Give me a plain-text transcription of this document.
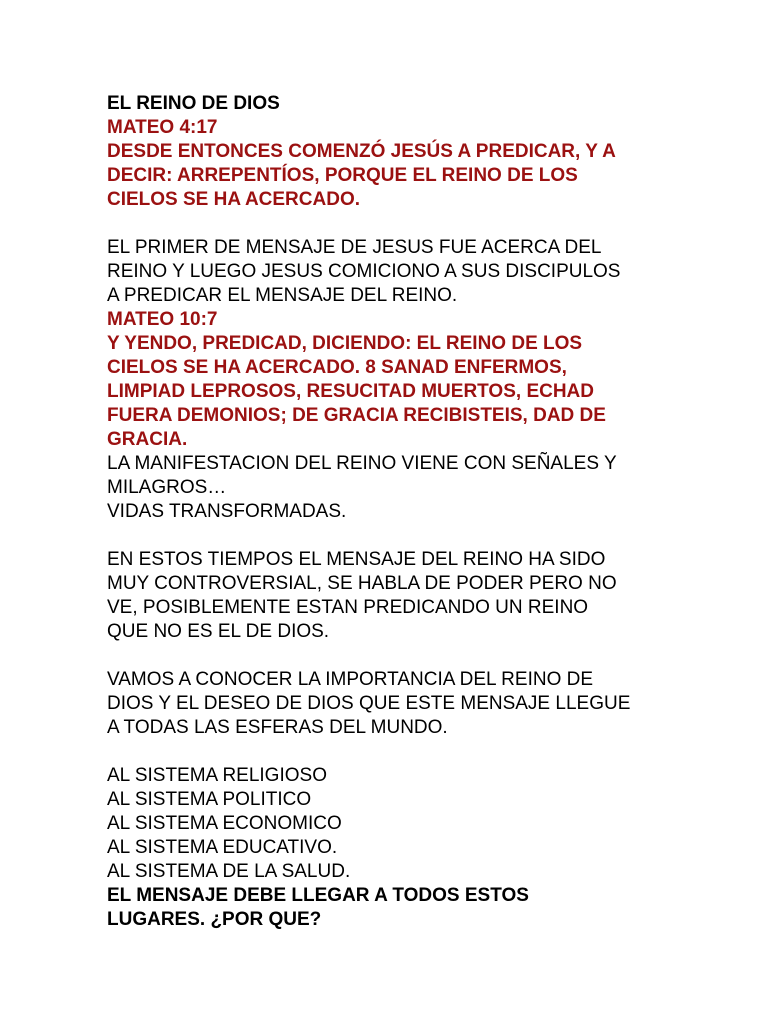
EL REINO DE DIOS
MATEO 4:17
DESDE ENTONCES COMENZÓ JESÚS A PREDICAR, Y A
DECIR: ARREPENTÍOS, PORQUE EL REINO DE LOS
CIELOS SE HA ACERCADO.
EL PRIMER DE MENSAJE DE JESUS FUE ACERCA DEL
REINO Y LUEGO JESUS COMICIONO A SUS DISCIPULOS
A PREDICAR EL MENSAJE DEL REINO.
MATEO 10:7
Y YENDO, PREDICAD, DICIENDO: EL REINO DE LOS
CIELOS SE HA ACERCADO. 8 SANAD ENFERMOS,
LIMPIAD LEPROSOS, RESUCITAD MUERTOS, ECHAD
FUERA DEMONIOS; DE GRACIA RECIBISTEIS, DAD DE
GRACIA.
LA MANIFESTACION DEL REINO VIENE CON SEÑALES Y
MILAGROS…
VIDAS TRANSFORMADAS.
EN ESTOS TIEMPOS EL MENSAJE DEL REINO HA SIDO
MUY CONTROVERSIAL, SE HABLA DE PODER PERO NO
VE, POSIBLEMENTE ESTAN PREDICANDO UN REINO
QUE NO ES EL DE DIOS.
VAMOS A CONOCER LA IMPORTANCIA DEL REINO DE
DIOS Y EL DESEO DE DIOS QUE ESTE MENSAJE LLEGUE
A TODAS LAS ESFERAS DEL MUNDO.
AL SISTEMA RELIGIOSO
AL SISTEMA POLITICO
AL SISTEMA ECONOMICO
AL SISTEMA EDUCATIVO.
AL SISTEMA DE LA SALUD.
EL MENSAJE DEBE LLEGAR A TODOS ESTOS
LUGARES. ¿POR QUE?
